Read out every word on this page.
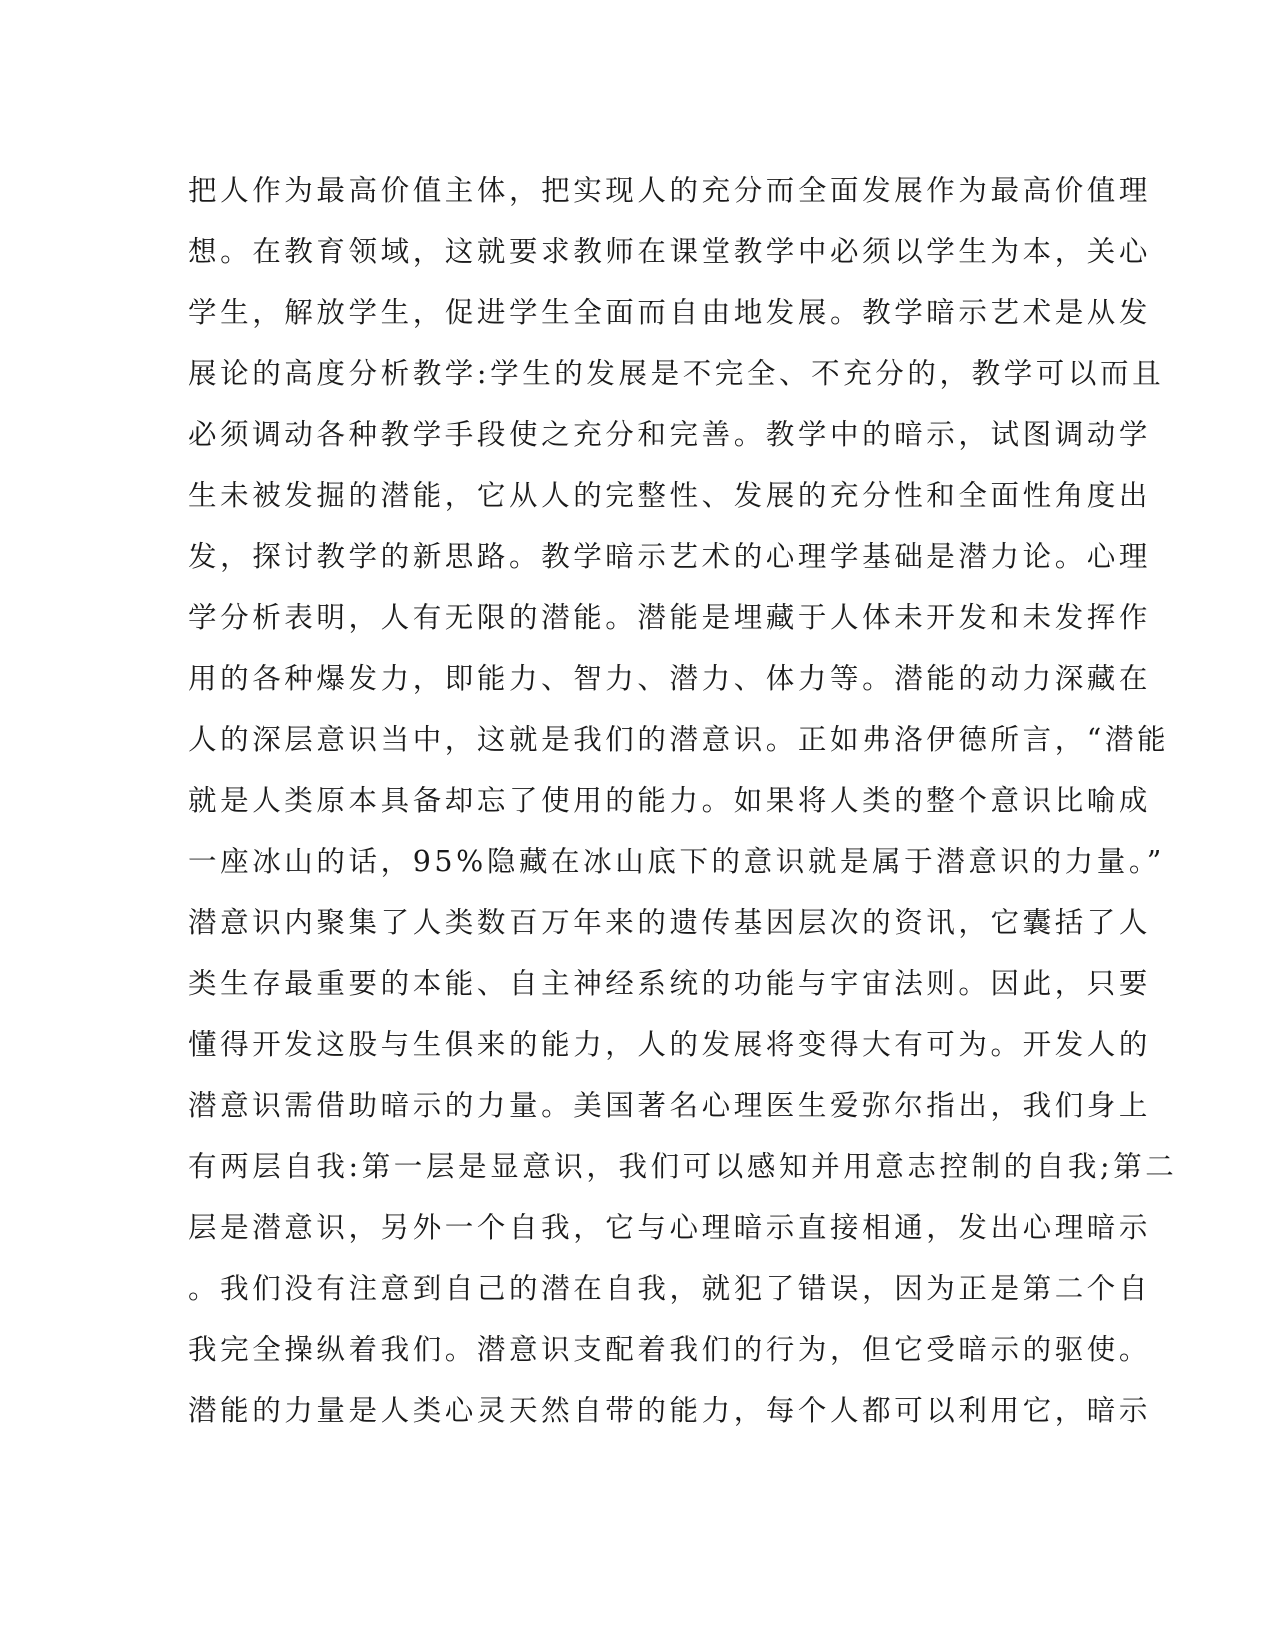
把人作为最高价值主体，把实现人的充分而全面发展作为最高价值理
想。在教育领域，这就要求教师在课堂教学中必须以学生为本，关心
学生，解放学生，促进学生全面而自由地发展。教学暗示艺术是从发
展论的高度分析教学:学生的发展是不完全、不充分的，教学可以而且
必须调动各种教学手段使之充分和完善。教学中的暗示，试图调动学
生未被发掘的潜能，它从人的完整性、发展的充分性和全面性角度出
发，探讨教学的新思路。教学暗示艺术的心理学基础是潜力论。心理
学分析表明，人有无限的潜能。潜能是埋藏于人体未开发和未发挥作
用的各种爆发力，即能力、智力、潜力、体力等。潜能的动力深藏在
人的深层意识当中，这就是我们的潜意识。正如弗洛伊德所言，“潜能
就是人类原本具备却忘了使用的能力。如果将人类的整个意识比喻成
一座冰山的话，95%隐藏在冰山底下的意识就是属于潜意识的力量。”
潜意识内聚集了人类数百万年来的遗传基因层次的资讯，它囊括了人
类生存最重要的本能、自主神经系统的功能与宇宙法则。因此，只要
懂得开发这股与生俱来的能力，人的发展将变得大有可为。开发人的
潜意识需借助暗示的力量。美国著名心理医生爱弥尔指出，我们身上
有两层自我:第一层是显意识，我们可以感知并用意志控制的自我;第二
层是潜意识，另外一个自我，它与心理暗示直接相通，发出心理暗示
。我们没有注意到自己的潜在自我，就犯了错误，因为正是第二个自
我完全操纵着我们。潜意识支配着我们的行为，但它受暗示的驱使。
潜能的力量是人类心灵天然自带的能力，每个人都可以利用它，暗示
